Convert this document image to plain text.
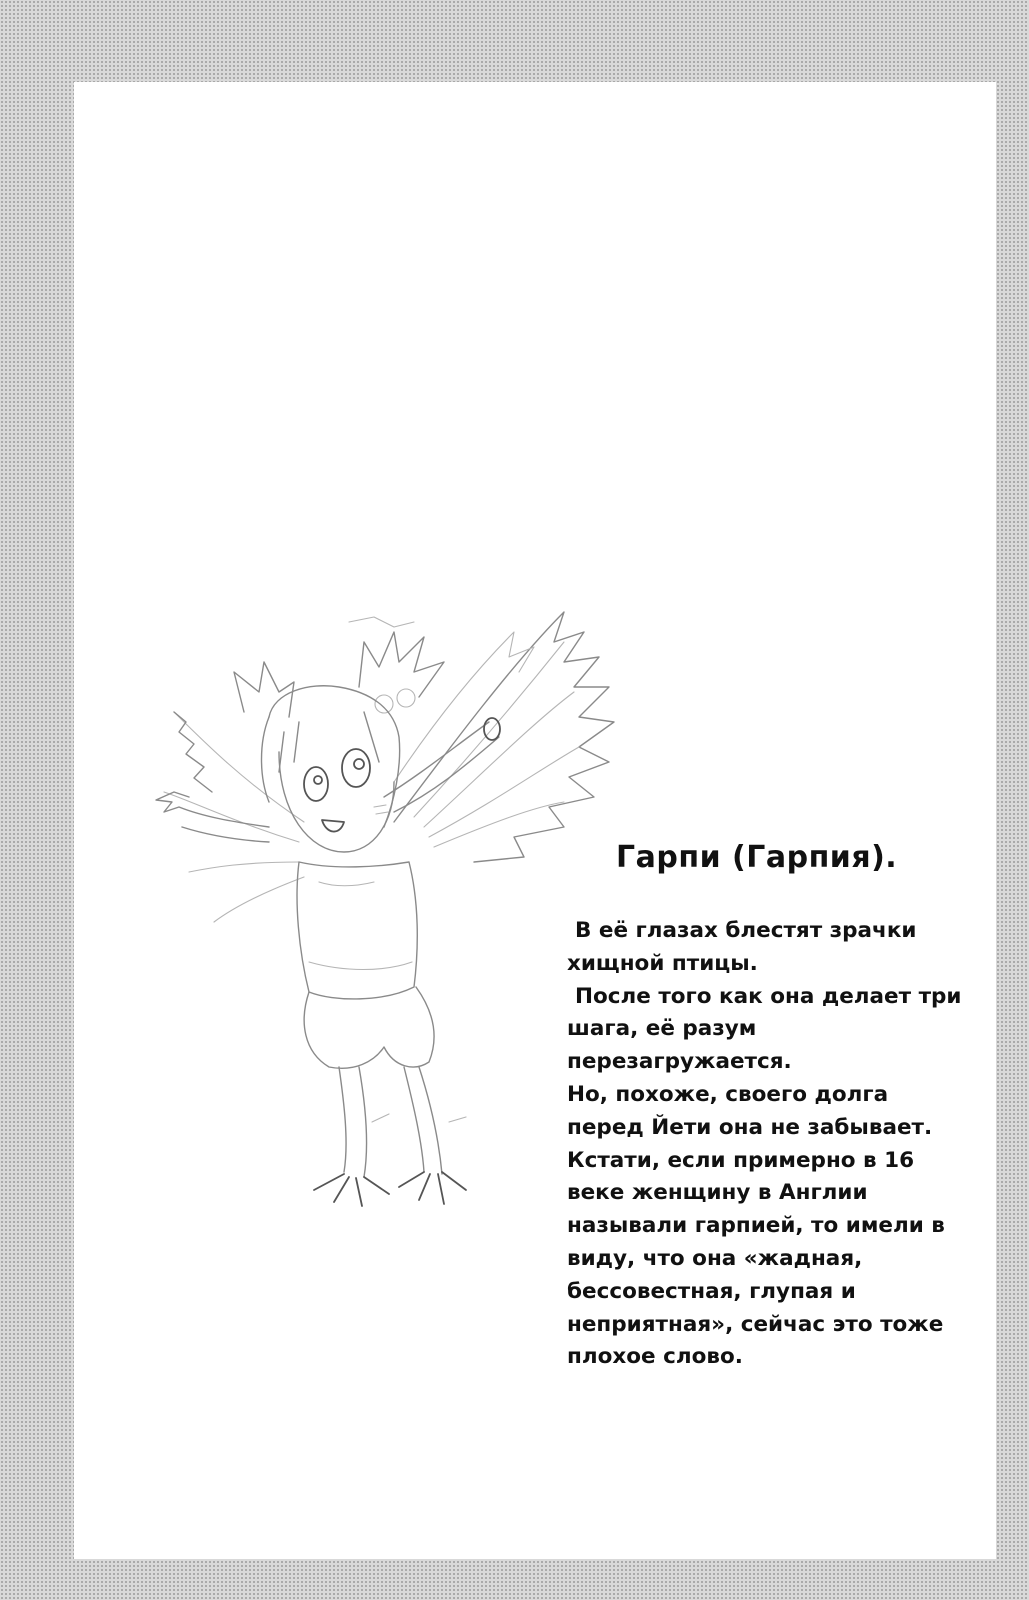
Гарпи (Гарпия).

В её глазах блестят зрачки хищной птицы.

После того как она делает три шага, её разум перезагружается.

Но, похоже, своего долга перед Йети она не забывает.

Кстати, если примерно в 16 веке женщину в Англии называли гарпией, то имели в виду, что она «жадная, бессовестная, глупая и неприятная», сейчас это тоже плохое слово.
